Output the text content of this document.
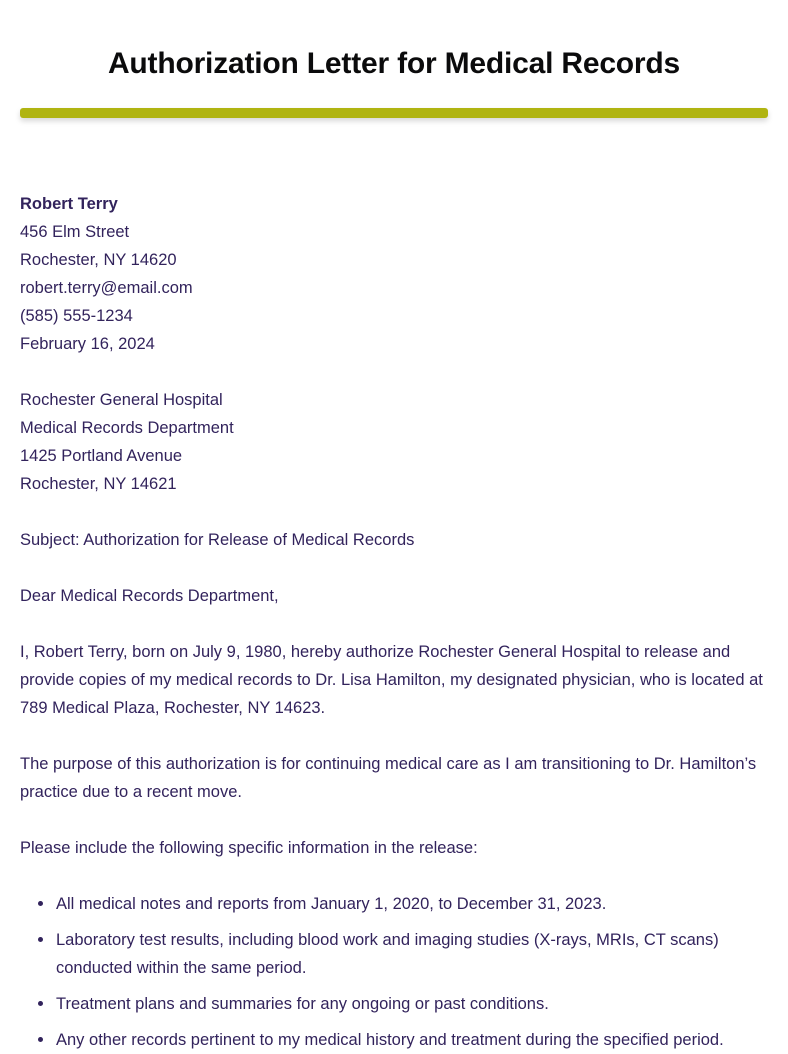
Authorization Letter for Medical Records
Robert Terry
456 Elm Street
Rochester, NY 14620
robert.terry@email.com
(585) 555-1234
February 16, 2024
Rochester General Hospital
Medical Records Department
1425 Portland Avenue
Rochester, NY 14621

Subject: Authorization for Release of Medical Records

Dear Medical Records Department,

I, Robert Terry, born on July 9, 1980, hereby authorize Rochester General Hospital to release and provide copies of my medical records to Dr. Lisa Hamilton, my designated physician, who is located at 789 Medical Plaza, Rochester, NY 14623.

The purpose of this authorization is for continuing medical care as I am transitioning to Dr. Hamilton’s practice due to a recent move.

Please include the following specific information in the release:

All medical notes and reports from January 1, 2020, to December 31, 2023.
Laboratory test results, including blood work and imaging studies (X-rays, MRIs, CT scans) conducted within the same period.
Treatment plans and summaries for any ongoing or past conditions.
Any other records pertinent to my medical history and treatment during the specified period.
